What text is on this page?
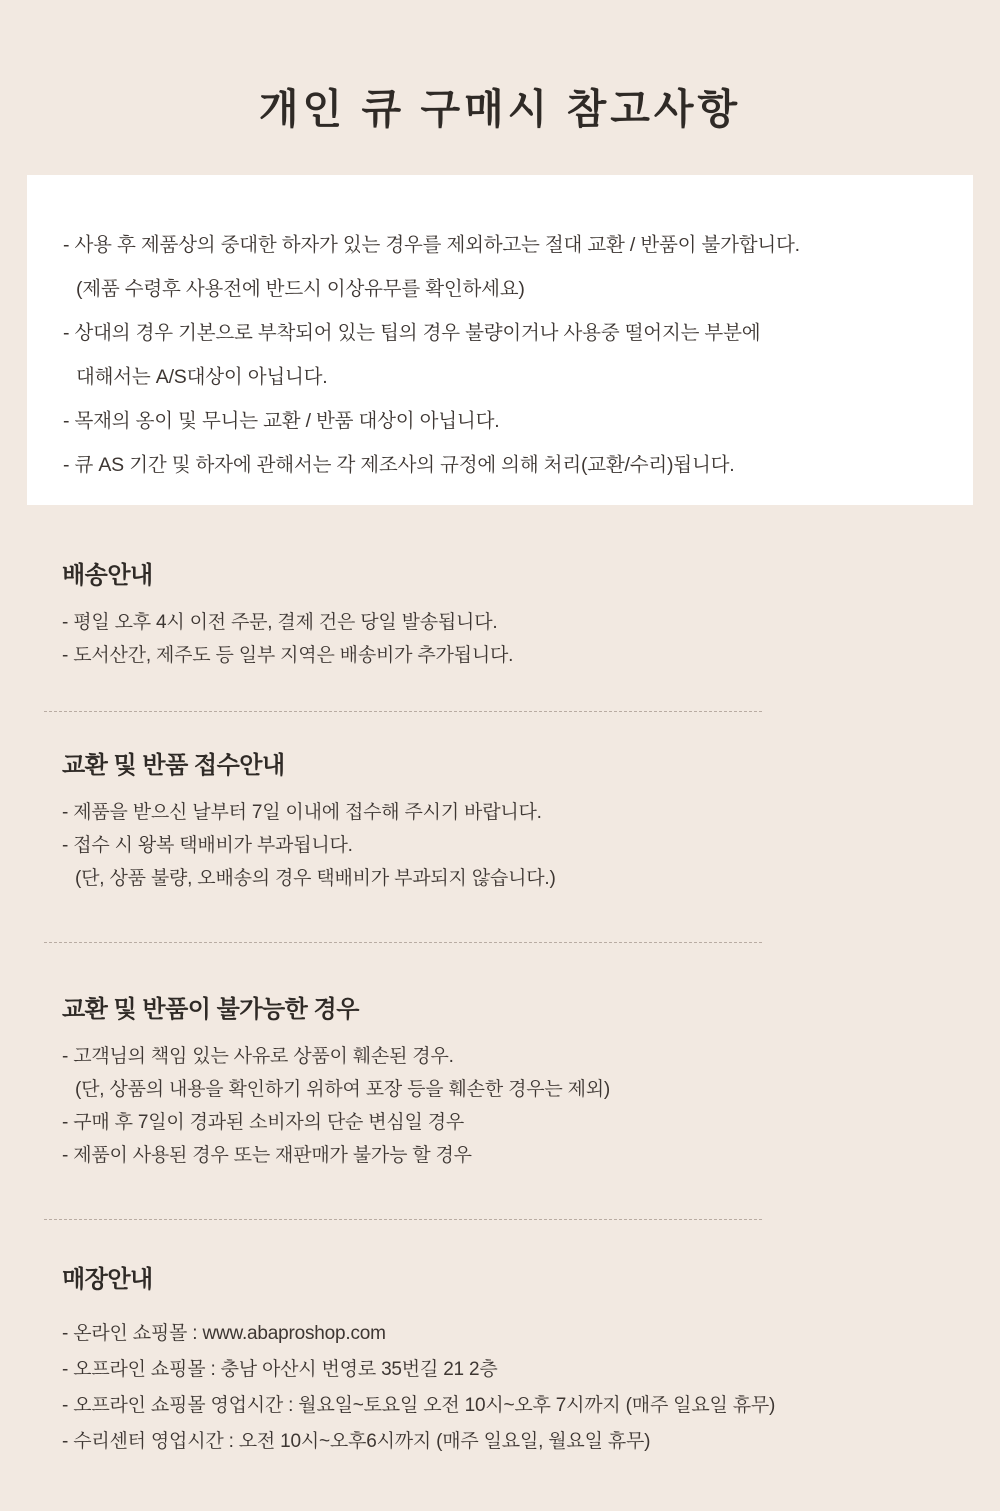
개인 큐 구매시 참고사항
- 사용 후 제품상의 중대한 하자가 있는 경우를 제외하고는 절대 교환 / 반품이 불가합니다.
(제품 수령후 사용전에 반드시 이상유무를 확인하세요)
- 상대의 경우 기본으로 부착되어 있는 팁의 경우 불량이거나 사용중 떨어지는 부분에
대해서는 A/S대상이 아닙니다.
- 목재의 옹이 및 무니는 교환 / 반품 대상이 아닙니다.
- 큐 AS 기간 및 하자에 관해서는 각 제조사의 규정에 의해 처리(교환/수리)됩니다.
배송안내
- 평일 오후 4시 이전 주문, 결제 건은 당일 발송됩니다.
- 도서산간, 제주도 등 일부 지역은 배송비가 추가됩니다.
교환 및 반품 접수안내
- 제품을 받으신 날부터 7일 이내에 접수해 주시기 바랍니다.
- 접수 시 왕복 택배비가 부과됩니다.
(단, 상품 불량, 오배송의 경우 택배비가 부과되지 않습니다.)
교환 및 반품이 불가능한 경우
- 고객님의 책임 있는 사유로 상품이 훼손된 경우.
(단, 상품의 내용을 확인하기 위하여 포장 등을 훼손한 경우는 제외)
- 구매 후 7일이 경과된 소비자의 단순 변심일 경우
- 제품이 사용된 경우 또는 재판매가 불가능 할 경우
매장안내
- 온라인 쇼핑몰 : www.abaproshop.com
- 오프라인 쇼핑몰 : 충남 아산시 번영로 35번길 21 2층
- 오프라인 쇼핑몰 영업시간 : 월요일~토요일 오전 10시~오후 7시까지 (매주 일요일 휴무)
- 수리센터 영업시간 : 오전 10시~오후6시까지 (매주 일요일, 월요일 휴무)
